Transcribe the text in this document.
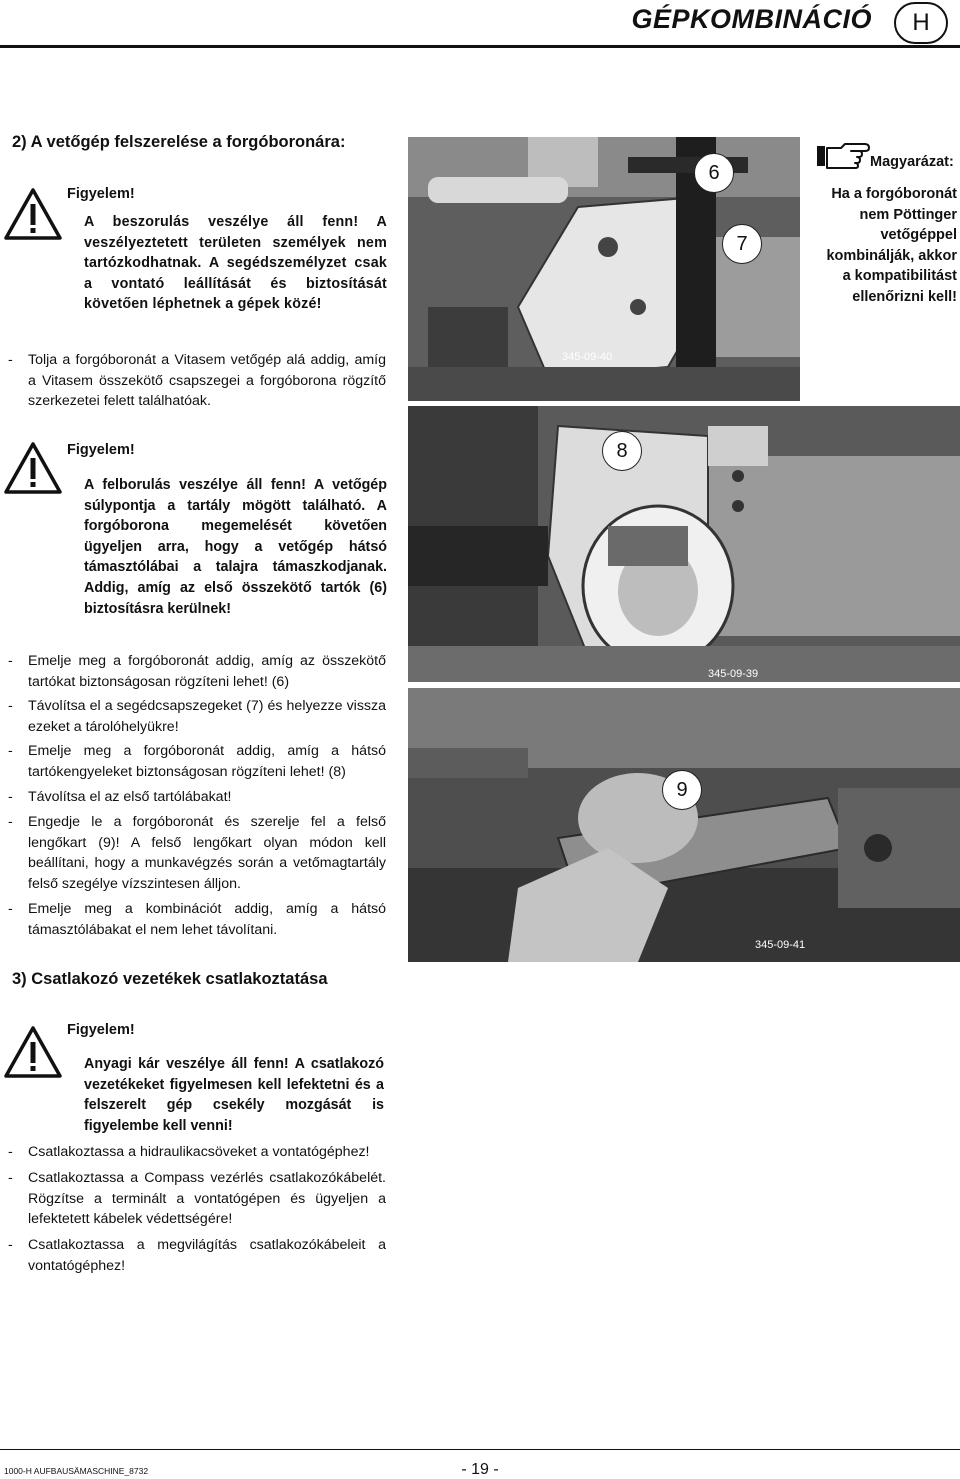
GÉPKOMBINÁCIÓ	H
2) A vetőgép felszerelése a forgóboronára:
Figyelem!
A beszorulás veszélye áll fenn! A veszélyeztetett területen személyek nem tartózkodhatnak. A segédszemélyzet csak a vontató leállítását és biztosítását követően léphetnek a gépek közé!
- Tolja a forgóboronát a Vitasem vetőgép alá addig, amíg a Vitasem összekötő csapszegei a forgóborona rögzítő szerkezetei felett találhatóak.
Figyelem!
A felborulás veszélye áll fenn! A vetőgép súlypontja a tartály mögött található. A forgóborona megemelését követően ügyeljen arra, hogy a vetőgép hátsó támasztólábai a talajra támaszkodjanak. Addig, amíg az első összekötő tartók (6) biztosításra kerülnek!
- Emelje meg a forgóboronát addig, amíg az összekötő tartókat biztonságosan rögzíteni lehet! (6)
- Távolítsa el a segédcsapszegeket (7) és helyezze vissza ezeket a tárolóhelyükre!
- Emelje meg a forgóboronát addig, amíg a hátsó tartókengyeleket biztonságosan rögzíteni lehet! (8)
- Távolítsa el az első tartólábakat!
- Engedje le a forgóboronát és szerelje fel a felső lengőkart (9)! A felső lengőkart olyan módon kell beállítani, hogy a munkavégzés során a vetőmagtartály felső szegélye vízszintesen álljon.
- Emelje meg a kombinációt addig, amíg a hátsó támasztólábakat el nem lehet távolítani.
3) Csatlakozó vezetékek csatlakoztatása
Figyelem!
Anyagi kár veszélye áll fenn! A csatlakozó vezetékeket figyelmesen kell lefektetni és a felszerelt gép csekély mozgását is figyelembe kell venni!
- Csatlakoztassa a hidraulikacsöveket a vontatógéphez!
- Csatlakoztassa a Compass vezérlés csatlakozókábelét. Rögzítse a terminált a vontatógépen és ügyeljen a lefektetett kábelek védettségére!
- Csatlakoztassa a megvilágítás csatlakozókábeleit a vontatógéphez!
6
7
345-09-40
8
345-09-39
9
345-09-41
Magyarázat:
Ha a forgóboronát nem Pöttinger vetőgéppel kombinálják, akkor a kompatibilitást ellenőrizni kell!
1000-H AUFBAUSÄMASCHINE_8732	- 19 -
